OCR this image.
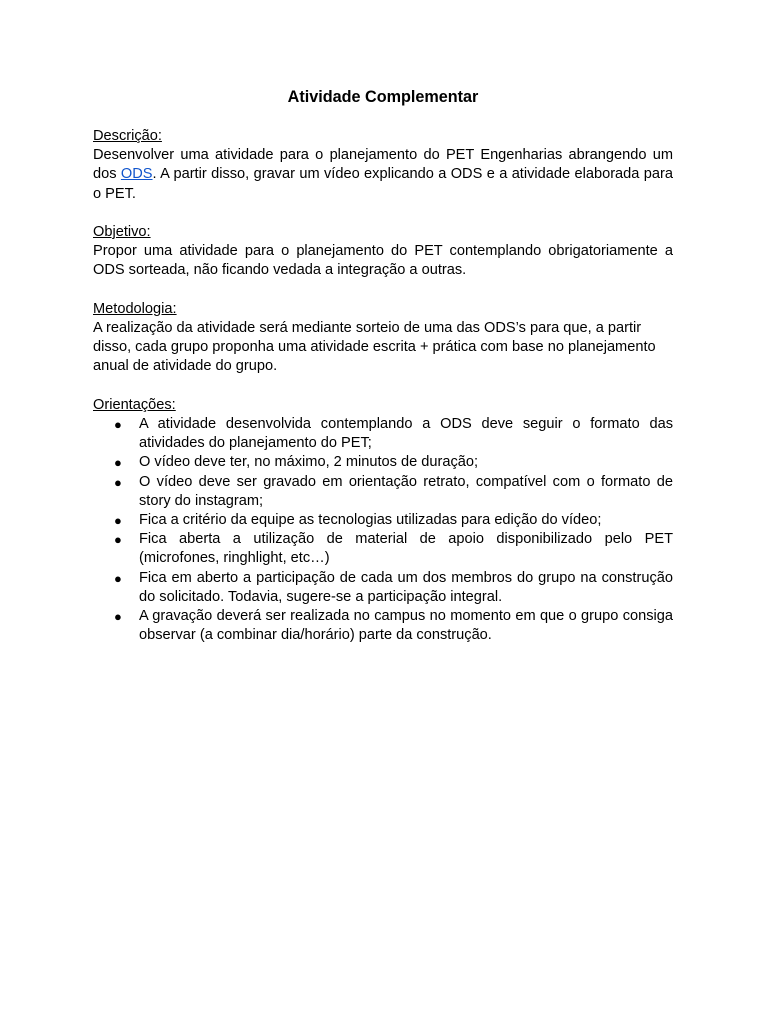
Atividade Complementar
Descrição:

Desenvolver uma atividade para o planejamento do PET Engenharias abrangendo um dos ODS. A partir disso, gravar um vídeo explicando a ODS e a atividade elaborada para o PET.

Objetivo:

Propor uma atividade para o planejamento do PET contemplando obrigatoriamente a ODS sorteada, não ficando vedada a integração a outras.

Metodologia:

A realização da atividade será mediante sorteio de uma das ODS’s para que, a partir disso, cada grupo proponha uma atividade escrita + prática com base no planejamento anual de atividade do grupo.

Orientações:
● A atividade desenvolvida contemplando a ODS deve seguir o formato das atividades do planejamento do PET;
● O vídeo deve ter, no máximo, 2 minutos de duração;
● O vídeo deve ser gravado em orientação retrato, compatível com o formato de story do instagram;
● Fica a critério da equipe as tecnologias utilizadas para edição do vídeo;
● Fica aberta a utilização de material de apoio disponibilizado pelo PET (microfones, ringhlight, etc…)
● Fica em aberto a participação de cada um dos membros do grupo na construção do solicitado. Todavia, sugere-se a participação integral.
● A gravação deverá ser realizada no campus no momento em que o grupo consiga observar (a combinar dia/horário) parte da construção.
